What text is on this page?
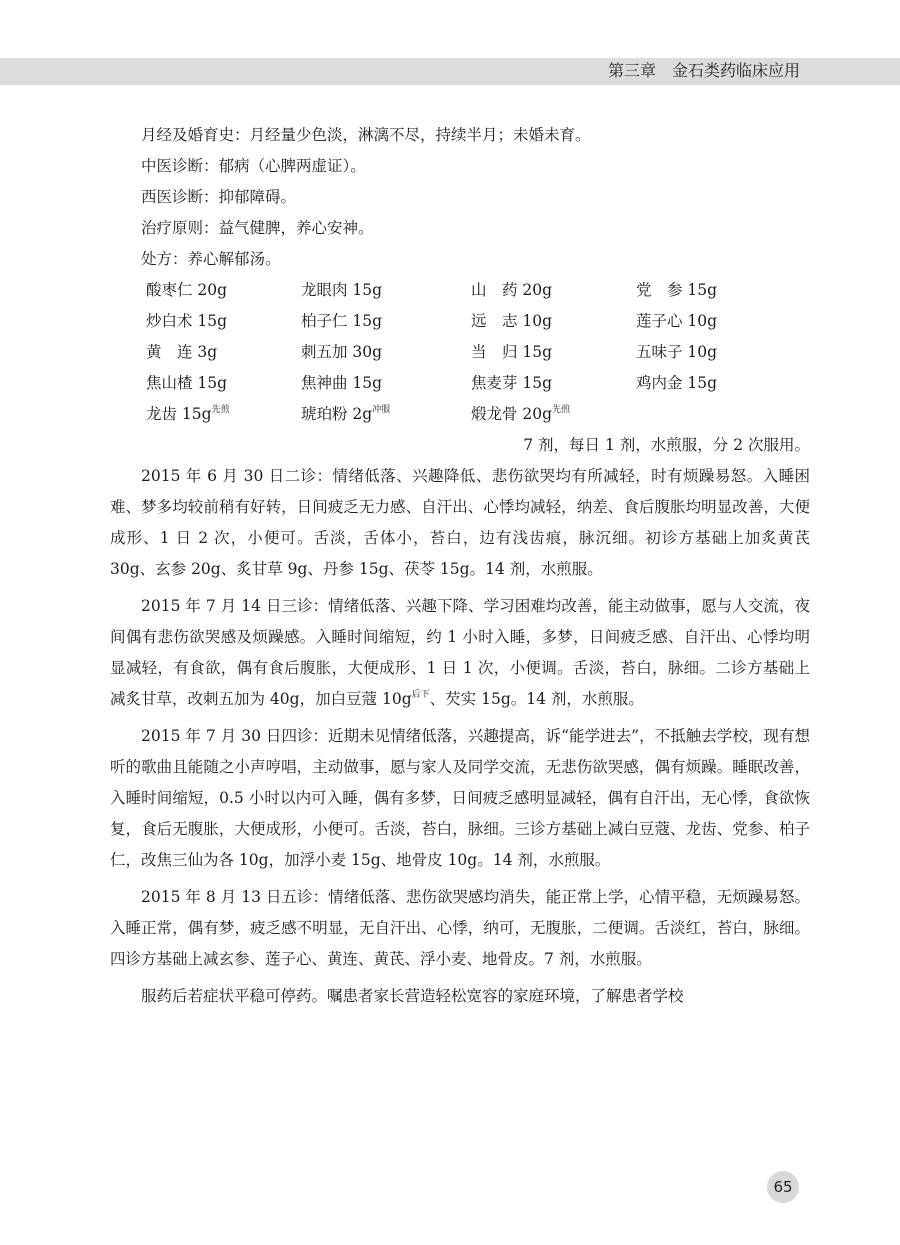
第三章　金石类药临床应用

月经及婚育史：月经量少色淡，淋漓不尽，持续半月；未婚未育。

中医诊断：郁病（心脾两虚证）。

西医诊断：抑郁障碍。

治疗原则：益气健脾，养心安神。

处方：养心解郁汤。

酸枣仁 20g	龙眼肉 15g	山　药 20g	党　参 15g
炒白术 15g	柏子仁 15g	远　志 10g	莲子心 10g
黄　连 3g	刺五加 30g	当　归 15g	五味子 10g
焦山楂 15g	焦神曲 15g	焦麦芽 15g	鸡内金 15g
龙齿 15g$^{先煎}$	琥珀粉 2g$^{冲服}$	煅龙骨 20g$^{先煎}$

7 剂，每日 1 剂，水煎服，分 2 次服用。

2015 年 6 月 30 日二诊：情绪低落、兴趣降低、悲伤欲哭均有所减轻，时有烦躁易怒。入睡困难、梦多均较前稍有好转，日间疲乏无力感、自汗出、心悸均减轻，纳差、食后腹胀均明显改善，大便成形、1 日 2 次，小便可。舌淡，舌体小，苔白，边有浅齿痕，脉沉细。初诊方基础上加炙黄芪 30g、玄参 20g、炙甘草 9g、丹参 15g、茯苓 15g。14 剂，水煎服。

2015 年 7 月 14 日三诊：情绪低落、兴趣下降、学习困难均改善，能主动做事，愿与人交流，夜间偶有悲伤欲哭感及烦躁感。入睡时间缩短，约 1 小时入睡，多梦，日间疲乏感、自汗出、心悸均明显减轻，有食欲，偶有食后腹胀，大便成形、1 日 1 次，小便调。舌淡，苔白，脉细。二诊方基础上减炙甘草，改刺五加为 40g，加白豆蔻 10g$^{后下}$、芡实 15g。14 剂，水煎服。

2015 年 7 月 30 日四诊：近期未见情绪低落，兴趣提高，诉“能学进去”，不抵触去学校，现有想听的歌曲且能随之小声哼唱，主动做事，愿与家人及同学交流，无悲伤欲哭感，偶有烦躁。睡眠改善，入睡时间缩短，0.5 小时以内可入睡，偶有多梦，日间疲乏感明显减轻，偶有自汗出，无心悸，食欲恢复，食后无腹胀，大便成形，小便可。舌淡，苔白，脉细。三诊方基础上减白豆蔻、龙齿、党参、柏子仁，改焦三仙为各 10g，加浮小麦 15g、地骨皮 10g。14 剂，水煎服。

2015 年 8 月 13 日五诊：情绪低落、悲伤欲哭感均消失，能正常上学，心情平稳，无烦躁易怒。入睡正常，偶有梦，疲乏感不明显，无自汗出、心悸，纳可，无腹胀，二便调。舌淡红，苔白，脉细。四诊方基础上减玄参、莲子心、黄连、黄芪、浮小麦、地骨皮。7 剂，水煎服。

服药后若症状平稳可停药。嘱患者家长营造轻松宽容的家庭环境，了解患者学校

65
